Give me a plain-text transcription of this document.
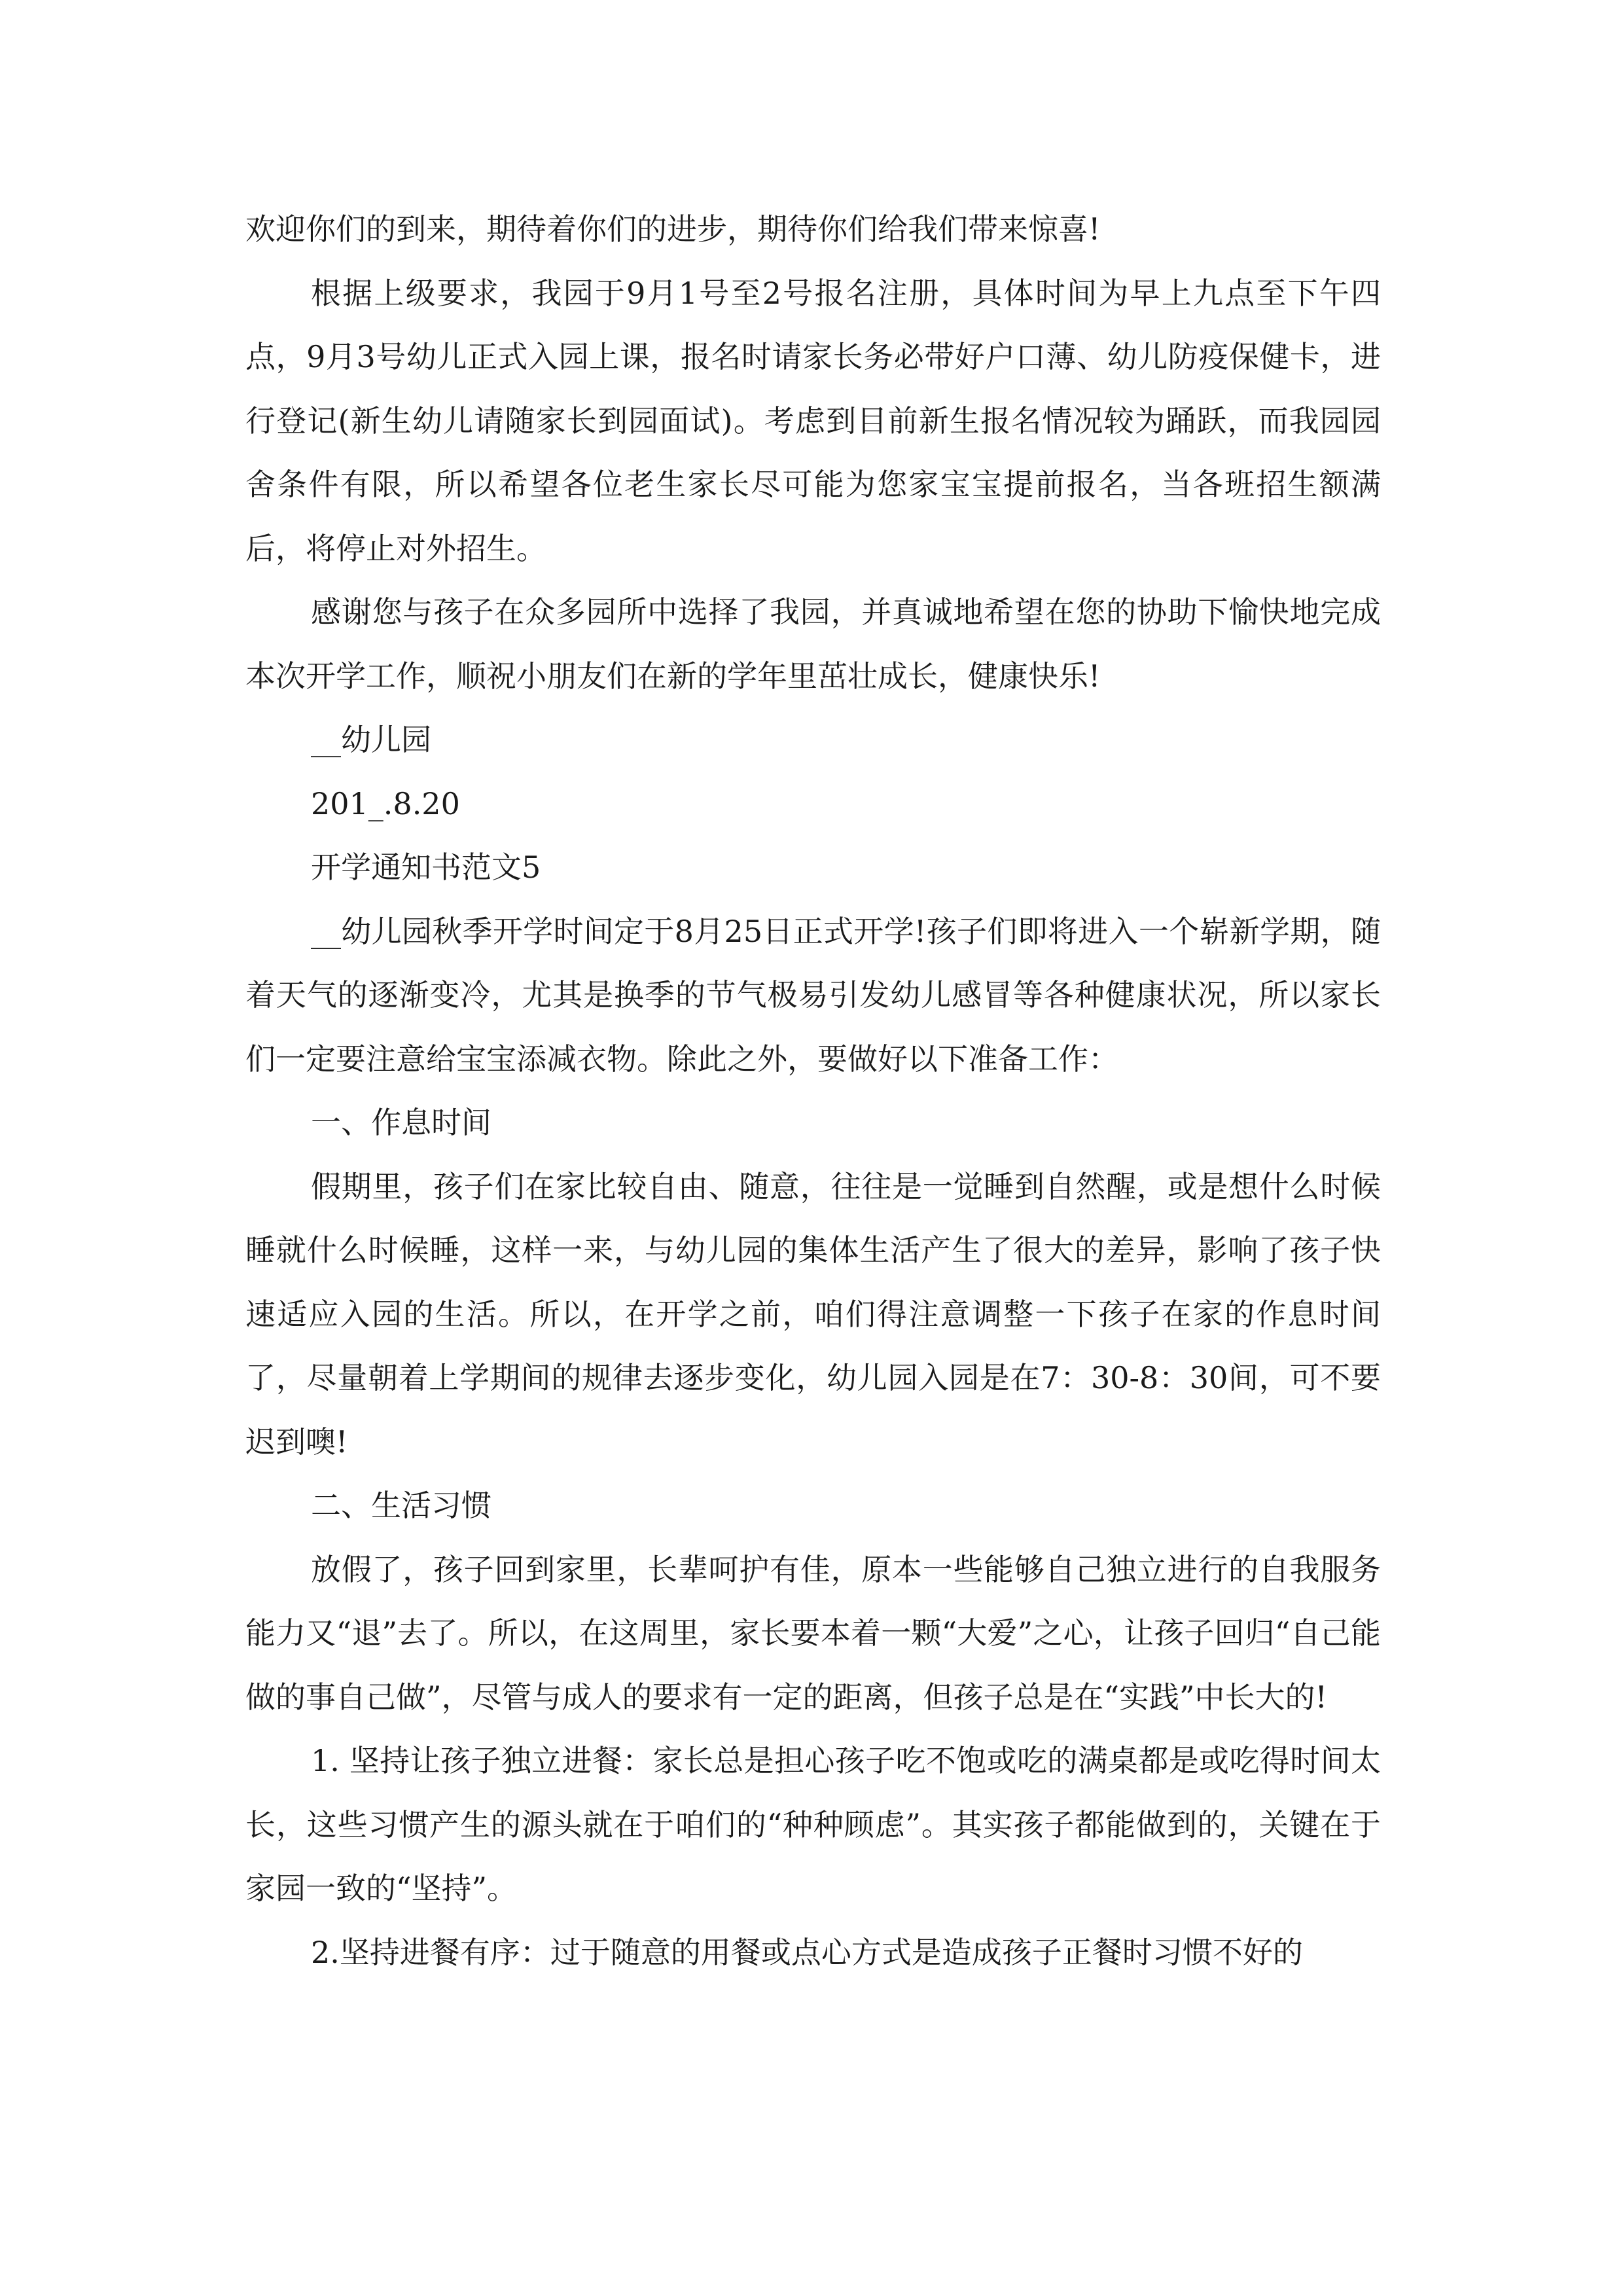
欢迎你们的到来，期待着你们的进步，期待你们给我们带来惊喜!

根据上级要求，我园于9月1号至2号报名注册，具体时间为早上九点至下午四点，9月3号幼儿正式入园上课，报名时请家长务必带好户口薄、幼儿防疫保健卡，进行登记(新生幼儿请随家长到园面试)。考虑到目前新生报名情况较为踊跃，而我园园舍条件有限，所以希望各位老生家长尽可能为您家宝宝提前报名，当各班招生额满后，将停止对外招生。

感谢您与孩子在众多园所中选择了我园，并真诚地希望在您的协助下愉快地完成本次开学工作，顺祝小朋友们在新的学年里茁壮成长，健康快乐!

__幼儿园

201_.8.20

开学通知书范文5

__幼儿园秋季开学时间定于8月25日正式开学!孩子们即将进入一个崭新学期，随着天气的逐渐变冷，尤其是换季的节气极易引发幼儿感冒等各种健康状况，所以家长们一定要注意给宝宝添减衣物。除此之外，要做好以下准备工作：

一、作息时间

假期里，孩子们在家比较自由、随意，往往是一觉睡到自然醒，或是想什么时候睡就什么时候睡，这样一来，与幼儿园的集体生活产生了很大的差异，影响了孩子快速适应入园的生活。所以，在开学之前，咱们得注意调整一下孩子在家的作息时间了，尽量朝着上学期间的规律去逐步变化，幼儿园入园是在7：30-8：30间，可不要迟到噢!

二、生活习惯

放假了，孩子回到家里，长辈呵护有佳，原本一些能够自己独立进行的自我服务能力又“退”去了。所以，在这周里，家长要本着一颗“大爱”之心，让孩子回归“自己能做的事自己做”，尽管与成人的要求有一定的距离，但孩子总是在“实践”中长大的!

1. 坚持让孩子独立进餐：家长总是担心孩子吃不饱或吃的满桌都是或吃得时间太长，这些习惯产生的源头就在于咱们的“种种顾虑”。其实孩子都能做到的，关键在于家园一致的“坚持”。

2.坚持进餐有序：过于随意的用餐或点心方式是造成孩子正餐时习惯不好的
